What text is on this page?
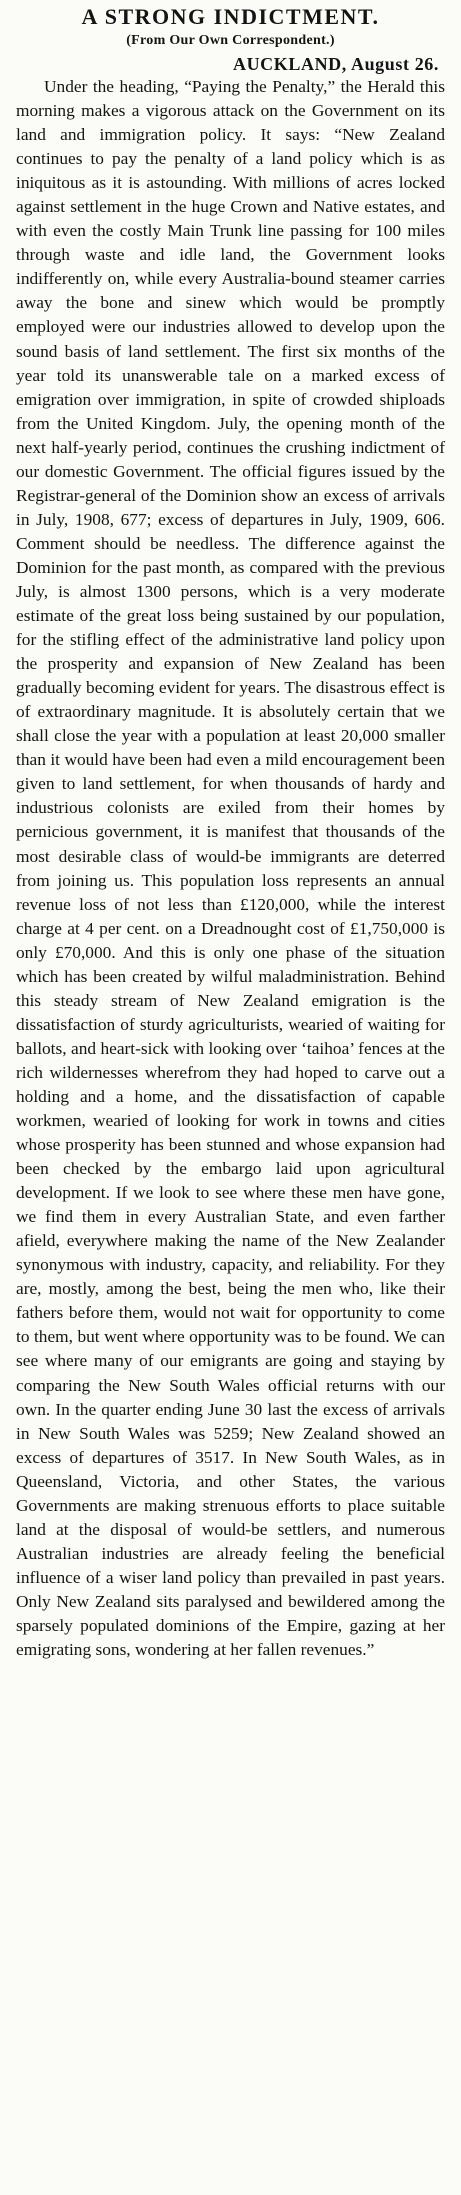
A STRONG INDICTMENT.
(From Our Own Correspondent.)
AUCKLAND, August 26.

Under the heading, “Paying the Penalty,” the Herald this morning makes a vigorous attack on the Government on its land and immigration policy. It says: “New Zealand continues to pay the penalty of a land policy which is as iniquitous as it is astounding. With millions of acres locked against settlement in the huge Crown and Native estates, and with even the costly Main Trunk line passing for 100 miles through waste and idle land, the Government looks indifferently on, while every Australia-bound steamer carries away the bone and sinew which would be promptly employed were our industries allowed to develop upon the sound basis of land settlement. The first six months of the year told its unanswerable tale on a marked excess of emigration over immigration, in spite of crowded shiploads from the United Kingdom. July, the opening month of the next half-yearly period, continues the crushing indictment of our domestic Government. The official figures issued by the Registrar-general of the Dominion show an excess of arrivals in July, 1908, 677; excess of departures in July, 1909, 606. Comment should be needless. The difference against the Dominion for the past month, as compared with the previous July, is almost 1300 persons, which is a very moderate estimate of the great loss being sustained by our population, for the stifling effect of the administrative land policy upon the prosperity and expansion of New Zealand has been gradually becoming evident for years. The disastrous effect is of extraordinary magnitude. It is absolutely certain that we shall close the year with a population at least 20,000 smaller than it would have been had even a mild encouragement been given to land settlement, for when thousands of hardy and industrious colonists are exiled from their homes by pernicious government, it is manifest that thousands of the most desirable class of would-be immigrants are deterred from joining us. This population loss represents an annual revenue loss of not less than £120,000, while the interest charge at 4 per cent. on a Dreadnought cost of £1,750,000 is only £70,000. And this is only one phase of the situation which has been created by wilful maladministration. Behind this steady stream of New Zealand emigration is the dissatisfaction of sturdy agriculturists, wearied of waiting for ballots, and heart-sick with looking over ‘taihoa’ fences at the rich wildernesses wherefrom they had hoped to carve out a holding and a home, and the dissatisfaction of capable workmen, wearied of looking for work in towns and cities whose prosperity has been stunned and whose expansion had been checked by the embargo laid upon agricultural development. If we look to see where these men have gone, we find them in every Australian State, and even farther afield, everywhere making the name of the New Zealander synonymous with industry, capacity, and reliability. For they are, mostly, among the best, being the men who, like their fathers before them, would not wait for opportunity to come to them, but went where opportunity was to be found. We can see where many of our emigrants are going and staying by comparing the New South Wales official returns with our own. In the quarter ending June 30 last the excess of arrivals in New South Wales was 5259; New Zealand showed an excess of departures of 3517. In New South Wales, as in Queensland, Victoria, and other States, the various Governments are making strenuous efforts to place suitable land at the disposal of would-be settlers, and numerous Australian industries are already feeling the beneficial influence of a wiser land policy than prevailed in past years. Only New Zealand sits paralysed and bewildered among the sparsely populated dominions of the Empire, gazing at her emigrating sons, wondering at her fallen revenues.”
